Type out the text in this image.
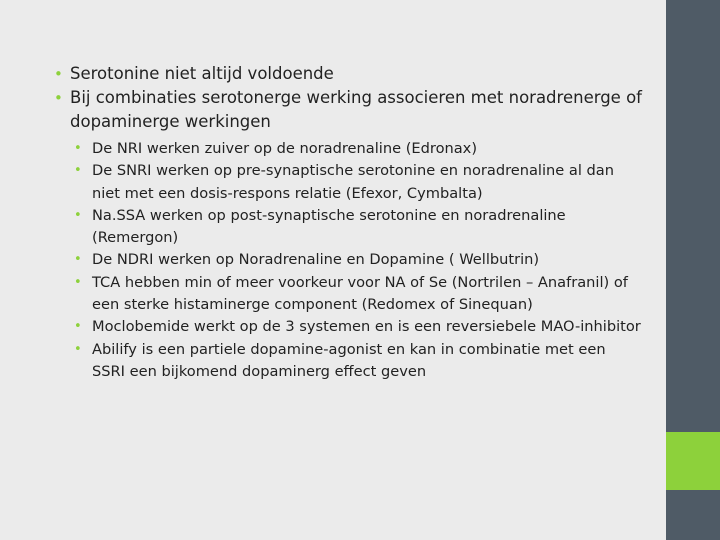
• Serotonine niet altijd voldoende
• Bij combinaties serotonerge werking associeren met noradrenerge of dopaminerge werkingen
• De NRI werken zuiver op de noradrenaline (Edronax)
• De SNRI werken op pre-synaptische serotonine en noradrenaline al dan niet met een dosis-respons relatie (Efexor, Cymbalta)
• Na.SSA werken op post-synaptische serotonine en noradrenaline (Remergon)
• De NDRI werken op Noradrenaline en Dopamine ( Wellbutrin)
• TCA hebben min of meer voorkeur voor NA of Se (Nortrilen – Anafranil) of een sterke histaminerge component (Redomex of Sinequan)
• Moclobemide werkt op de 3 systemen en is een reversiebele MAO-inhibitor
• Abilify is een partiele dopamine-agonist en kan in combinatie met een SSRI een bijkomend dopaminerg effect geven
